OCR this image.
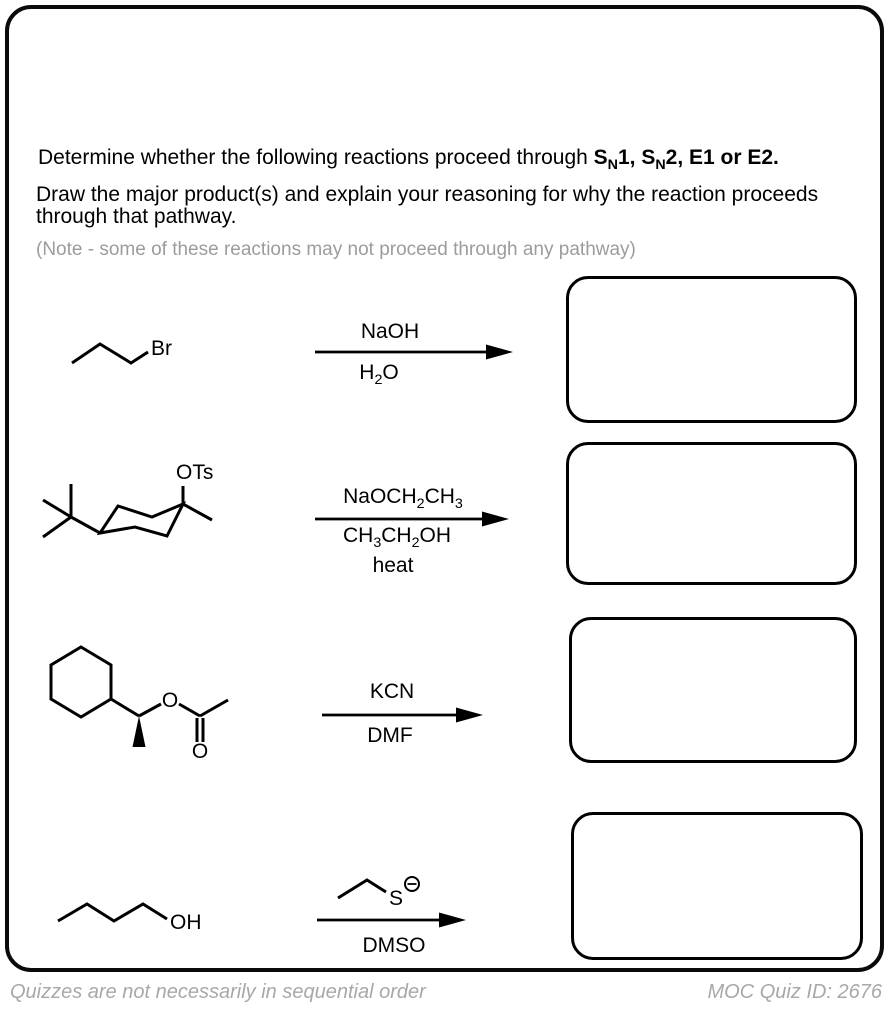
Determine whether the following reactions proceed through $S_N1$, $S_N2$, E1 or E2.
Draw the major product(s) and explain your reasoning for why the reaction proceeds
through that pathway.
(Note - some of these reactions may not proceed through any pathway)
Br
OTs
O
O
OH
S
NaOH
$H_2O$
$NaOCH_2CH_3$
$CH_3CH_2OH$
heat
KCN
DMF
DMSO
Quizzes are not necessarily in sequential order	MOC Quiz ID: 2676
